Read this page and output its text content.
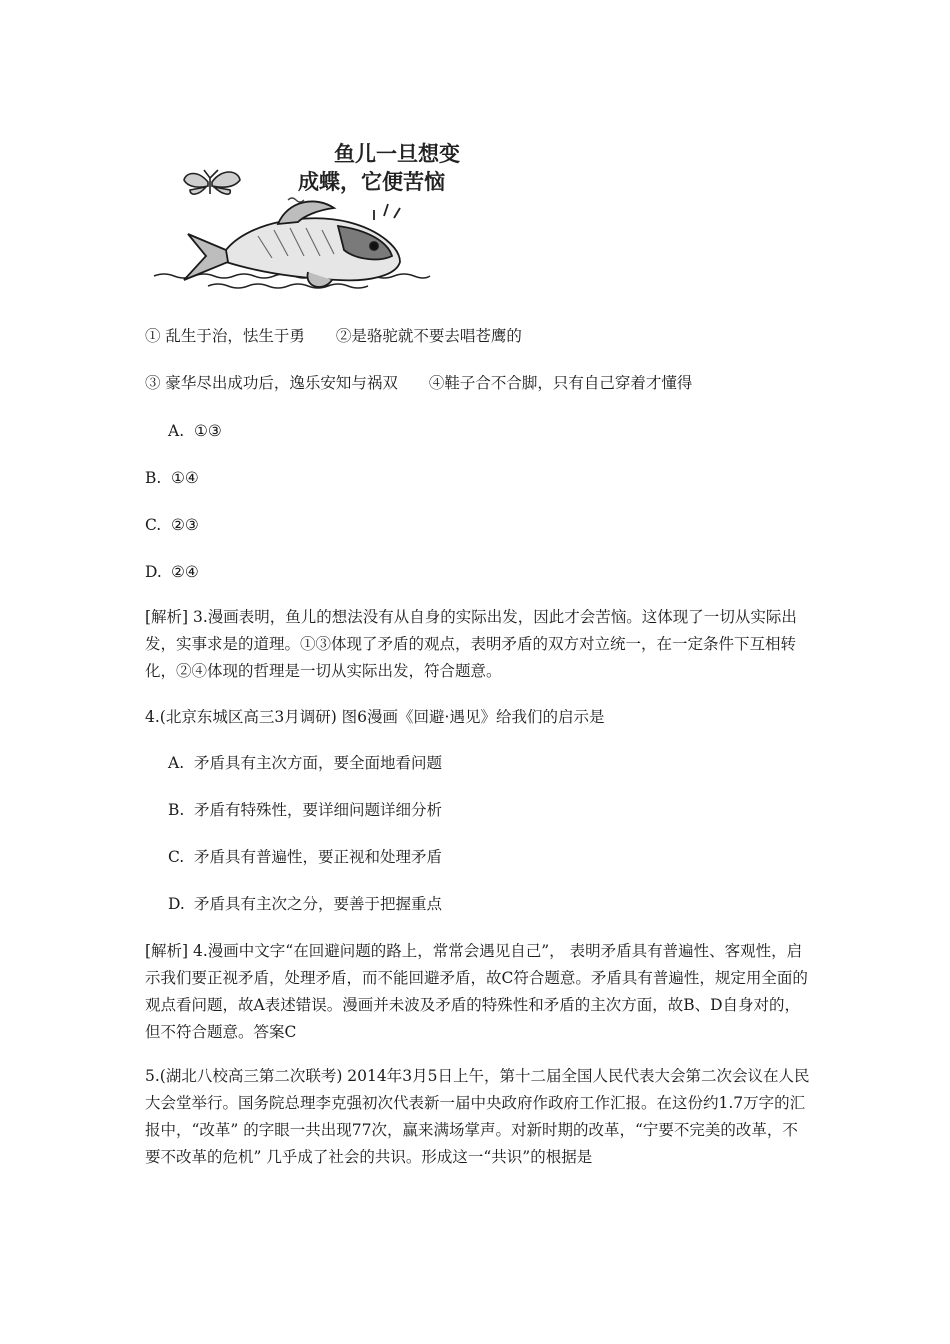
鱼儿一旦想变
成蝶，它便苦恼
① 乱生于治，怯生于勇　　②是骆驼就不要去唱苍鹰的
③ 豪华尽出成功后，逸乐安知与祸双　　④鞋子合不合脚，只有自己穿着才懂得
A. ①③
B. ①④
C. ②③
D. ②④
[解析] 3.漫画表明，鱼儿的想法没有从自身的实际出发，因此才会苦恼。这体现了一切从实际出发，实事求是的道理。①③体现了矛盾的观点，表明矛盾的双方对立统一，在一定条件下互相转化，②④体现的哲理是一切从实际出发，符合题意。
4.(北京东城区高三3月调研) 图6漫画《回避·遇见》给我们的启示是
A. 矛盾具有主次方面，要全面地看问题
B. 矛盾有特殊性，要详细问题详细分析
C. 矛盾具有普遍性，要正视和处理矛盾
D. 矛盾具有主次之分，要善于把握重点
[解析] 4.漫画中文字“在回避问题的路上，常常会遇见自己”， 表明矛盾具有普遍性、客观性，启示我们要正视矛盾，处理矛盾，而不能回避矛盾，故C符合题意。矛盾具有普遍性，规定用全面的观点看问题，故A表述错误。漫画并未波及矛盾的特殊性和矛盾的主次方面，故B、D自身对的，但不符合题意。答案C
5.(湖北八校高三第二次联考) 2014年3月5日上午，第十二届全国人民代表大会第二次会议在人民大会堂举行。国务院总理李克强初次代表新一届中央政府作政府工作汇报。在这份约1.7万字的汇报中，“改革” 的字眼一共出现77次，赢来满场掌声。对新时期的改革，“宁要不完美的改革，不要不改革的危机” 几乎成了社会的共识。形成这一“共识”的根据是
